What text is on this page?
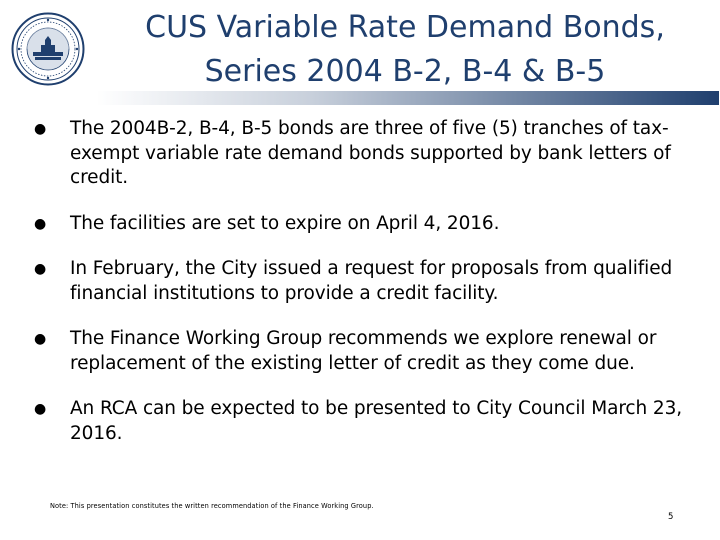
CUS Variable Rate Demand Bonds,
Series 2004 B-2, B-4 & B-5
● The 2004B-2, B-4, B-5 bonds are three of five (5) tranches of tax-exempt variable rate demand bonds supported by bank letters of credit.
● The facilities are set to expire on April 4, 2016.
● In February, the City issued a request for proposals from qualified financial institutions to provide a credit facility.
● The Finance Working Group recommends we explore renewal or replacement of the existing letter of credit as they come due.
● An RCA can be expected to be presented to City Council March 23, 2016.
Note: This presentation constitutes the written recommendation of the Finance Working Group.
5
